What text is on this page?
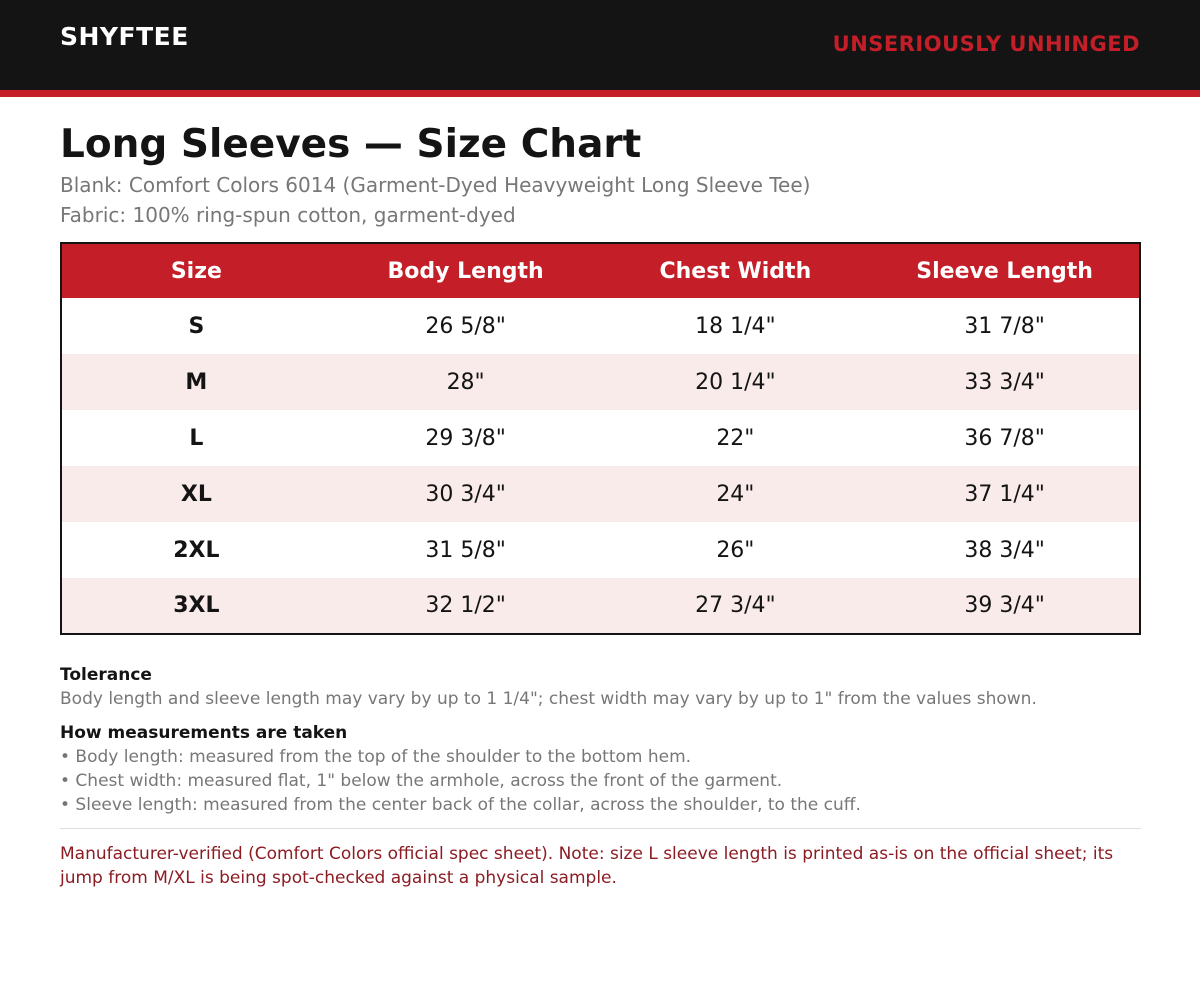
SHYFTEE	UNSERIOUSLY UNHINGED
Long Sleeves — Size Chart
Blank: Comfort Colors 6014 (Garment-Dyed Heavyweight Long Sleeve Tee)
Fabric: 100% ring-spun cotton, garment-dyed
Size	Body Length	Chest Width	Sleeve Length
S	26 5/8"	18 1/4"	31 7/8"
M	28"	20 1/4"	33 3/4"
L	29 3/8"	22"	36 7/8"
XL	30 3/4"	24"	37 1/4"
2XL	31 5/8"	26"	38 3/4"
3XL	32 1/2"	27 3/4"	39 3/4"
Tolerance
Body length and sleeve length may vary by up to 1 1/4"; chest width may vary by up to 1" from the values shown.
How measurements are taken
• Body length: measured from the top of the shoulder to the bottom hem.
• Chest width: measured flat, 1" below the armhole, across the front of the garment.
• Sleeve length: measured from the center back of the collar, across the shoulder, to the cuff.
Manufacturer-verified (Comfort Colors official spec sheet). Note: size L sleeve length is printed as-is on the official sheet; its jump from M/XL is being spot-checked against a physical sample.
